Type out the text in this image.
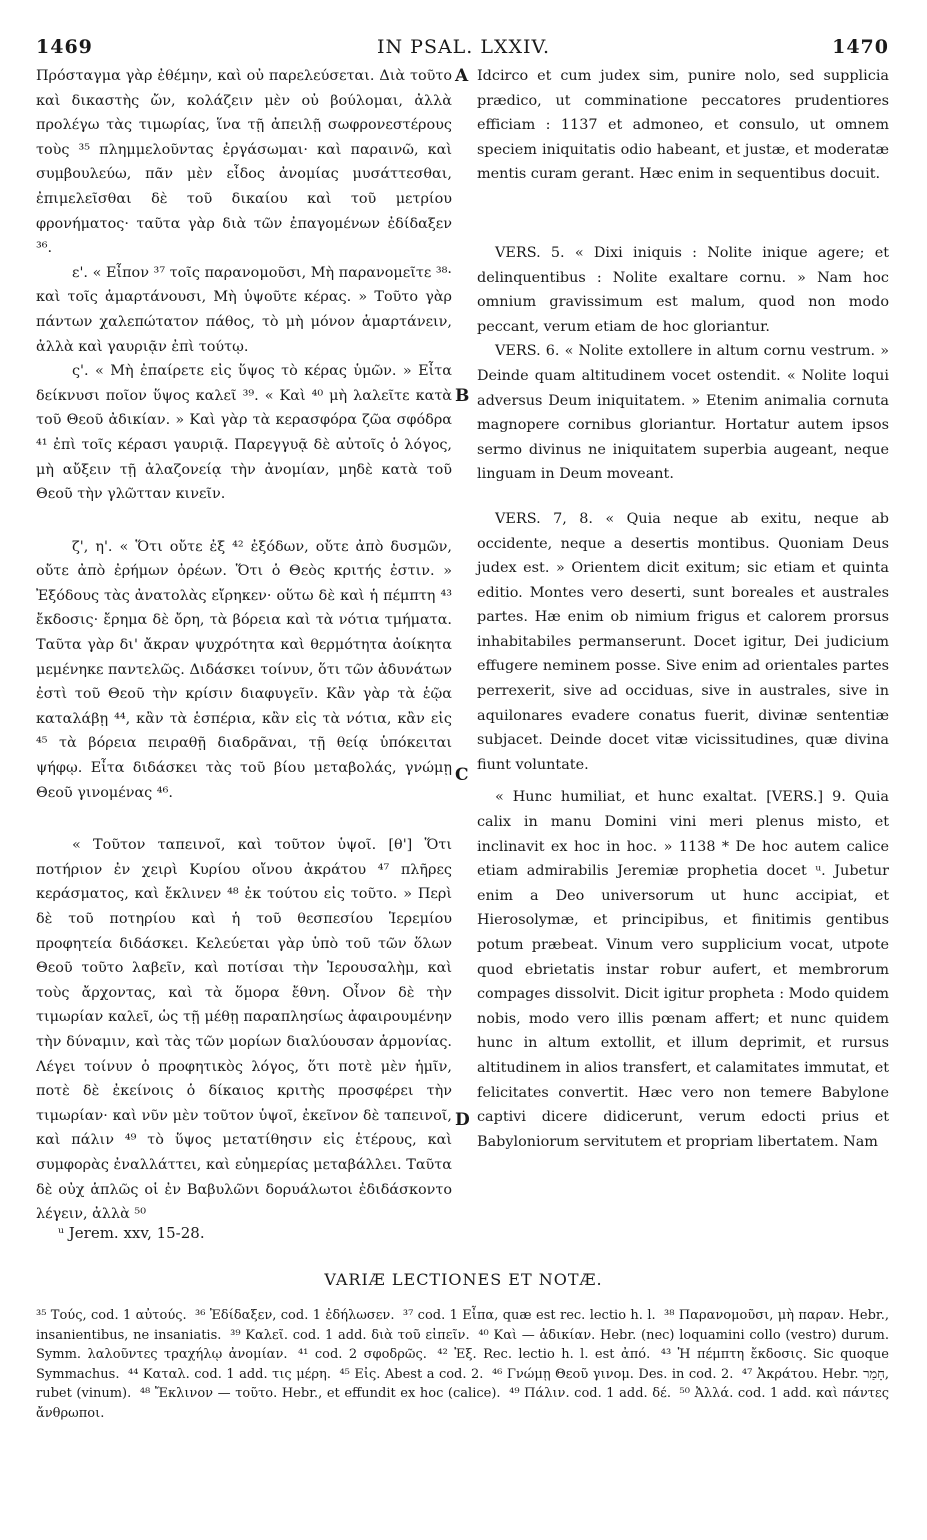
1469	IN PSAL. LXXIV.	1470
A
B
C
D

Πρόσταγμα γὰρ ἐθέμην, καὶ οὐ παρελεύσεται. Διὰ τοῦτο καὶ δικαστὴς ὤν, κολάζειν μὲν οὐ βούλομαι, ἀλλὰ προλέγω τὰς τιμωρίας, ἵνα τῇ ἀπειλῇ σωφρονεστέρους τοὺς ³⁵ πλημμελοῦντας ἐργάσωμαι· καὶ παραινῶ, καὶ συμβουλεύω, πᾶν μὲν εἶδος ἀνομίας μυσάττεσθαι, ἐπιμελεῖσθαι δὲ τοῦ δικαίου καὶ τοῦ μετρίου φρονήματος· ταῦτα γὰρ διὰ τῶν ἐπαγομένων ἐδίδαξεν ³⁶.

ε'. « Εἶπον ³⁷ τοῖς παρανομοῦσι, Μὴ παρανομεῖτε ³⁸· καὶ τοῖς ἁμαρτάνουσι, Μὴ ὑψοῦτε κέρας. » Τοῦτο γὰρ πάντων χαλεπώτατον πάθος, τὸ μὴ μόνον ἁμαρτάνειν, ἀλλὰ καὶ γαυριᾷν ἐπὶ τούτῳ.

ς'. « Μὴ ἐπαίρετε εἰς ὕψος τὸ κέρας ὑμῶν. » Εἶτα δείκνυσι ποῖον ὕψος καλεῖ ³⁹. « Καὶ ⁴⁰ μὴ λαλεῖτε κατὰ τοῦ Θεοῦ ἀδικίαν. » Καὶ γὰρ τὰ κερασφόρα ζῶα σφόδρα ⁴¹ ἐπὶ τοῖς κέρασι γαυριᾷ. Παρεγγυᾷ δὲ αὐτοῖς ὁ λόγος, μὴ αὔξειν τῇ ἀλαζονείᾳ τὴν ἀνομίαν, μηδὲ κατὰ τοῦ Θεοῦ τὴν γλῶτταν κινεῖν.

ζ', η'. « Ὅτι οὔτε ἐξ ⁴² ἐξόδων, οὔτε ἀπὸ δυσμῶν, οὔτε ἀπὸ ἐρήμων ὀρέων. Ὅτι ὁ Θεὸς κριτής ἐστιν. » Ἐξόδους τὰς ἀνατολὰς εἴρηκεν· οὕτω δὲ καὶ ἡ πέμπτη ⁴³ ἔκδοσις· ἔρημα δὲ ὄρη, τὰ βόρεια καὶ τὰ νότια τμήματα. Ταῦτα γὰρ δι' ἄκραν ψυχρότητα καὶ θερμότητα ἀοίκητα μεμένηκε παντελῶς. Διδάσκει τοίνυν, ὅτι τῶν ἀδυνάτων ἐστὶ τοῦ Θεοῦ τὴν κρίσιν διαφυγεῖν. Κἂν γὰρ τὰ ἑῷα καταλάβῃ ⁴⁴, κἂν τὰ ἑσπέρια, κἂν εἰς τὰ νότια, κἂν εἰς ⁴⁵ τὰ βόρεια πειραθῇ διαδρᾶναι, τῇ θείᾳ ὑπόκειται ψήφῳ. Εἶτα διδάσκει τὰς τοῦ βίου μεταβολάς, γνώμῃ Θεοῦ γινομένας ⁴⁶.

« Τοῦτον ταπεινοῖ, καὶ τοῦτον ὑψοῖ. [θ'] Ὅτι ποτήριον ἐν χειρὶ Κυρίου οἴνου ἀκράτου ⁴⁷ πλῆρες κεράσματος, καὶ ἔκλινεν ⁴⁸ ἐκ τούτου εἰς τοῦτο. » Περὶ δὲ τοῦ ποτηρίου καὶ ἡ τοῦ θεσπεσίου Ἱερεμίου προφητεία διδάσκει. Κελεύεται γὰρ ὑπὸ τοῦ τῶν ὅλων Θεοῦ τοῦτο λαβεῖν, καὶ ποτίσαι τὴν Ἱερουσαλὴμ, καὶ τοὺς ἄρχοντας, καὶ τὰ ὅμορα ἔθνη. Οἶνον δὲ τὴν τιμωρίαν καλεῖ, ὡς τῇ μέθῃ παραπλησίως ἀφαιρουμένην τὴν δύναμιν, καὶ τὰς τῶν μορίων διαλύουσαν ἁρμονίας. Λέγει τοίνυν ὁ προφητικὸς λόγος, ὅτι ποτὲ μὲν ἡμῖν, ποτὲ δὲ ἐκείνοις ὁ δίκαιος κριτὴς προσφέρει τὴν τιμωρίαν· καὶ νῦν μὲν τοῦτον ὑψοῖ, ἐκεῖνον δὲ ταπεινοῖ, καὶ πάλιν ⁴⁹ τὸ ὕψος μετατίθησιν εἰς ἑτέρους, καὶ συμφορὰς ἐναλλάττει, καὶ εὐημερίας μεταβάλλει. Ταῦτα δὲ οὐχ ἁπλῶς οἱ ἐν Βαβυλῶνι δορυάλωτοι ἐδιδάσκοντο λέγειν, ἀλλὰ ⁵⁰

Idcirco et cum judex sim, punire nolo, sed supplicia prædico, ut comminatione peccatores prudentiores efficiam : 1137 et admoneo, et consulo, ut omnem speciem iniquitatis odio habeant, et justæ, et moderatæ mentis curam gerant. Hæc enim in sequentibus docuit.

VERS. 5. « Dixi iniquis : Nolite inique agere; et delinquentibus : Nolite exaltare cornu. » Nam hoc omnium gravissimum est malum, quod non modo peccant, verum etiam de hoc gloriantur.

VERS. 6. « Nolite extollere in altum cornu vestrum. » Deinde quam altitudinem vocet ostendit. « Nolite loqui adversus Deum iniquitatem. » Etenim animalia cornuta magnopere cornibus gloriantur. Hortatur autem ipsos sermo divinus ne iniquitatem superbia augeant, neque linguam in Deum moveant.

VERS. 7, 8. « Quia neque ab exitu, neque ab occidente, neque a desertis montibus. Quoniam Deus judex est. » Orientem dicit exitum; sic etiam et quinta editio. Montes vero deserti, sunt boreales et australes partes. Hæ enim ob nimium frigus et calorem prorsus inhabitabiles permanserunt. Docet igitur, Dei judicium effugere neminem posse. Sive enim ad orientales partes perrexerit, sive ad occiduas, sive in australes, sive in aquilonares evadere conatus fuerit, divinæ sententiæ subjacet. Deinde docet vitæ vicissitudines, quæ divina fiunt voluntate.

« Hunc humiliat, et hunc exaltat. [VERS.] 9. Quia calix in manu Domini vini meri plenus misto, et inclinavit ex hoc in hoc. » 1138 * De hoc autem calice etiam admirabilis Jeremiæ prophetia docet ᵘ. Jubetur enim a Deo universorum ut hunc accipiat, et Hierosolymæ, et principibus, et finitimis gentibus potum præbeat. Vinum vero supplicium vocat, utpote quod ebrietatis instar robur aufert, et membrorum compages dissolvit. Dicit igitur propheta : Modo quidem nobis, modo vero illis pœnam affert; et nunc quidem hunc in altum extollit, et illum deprimit, et rursus altitudinem in alios transfert, et calamitates immutat, et felicitates convertit. Hæc vero non temere Babylone captivi dicere didicerunt, verum edocti prius et Babyloniorum servitutem et propriam libertatem. Nam

ᵘ Jerem. xxv, 15-28.
VARIÆ LECTIONES ET NOTÆ.
³⁵ Τούς, cod. 1 αὐτούς. ³⁶ Ἐδίδαξεν, cod. 1 ἐδήλωσεν. ³⁷ cod. 1 Εἶπα, quæ est rec. lectio h. l. ³⁸ Παρανομοῦσι, μὴ παραν. Hebr., insanientibus, ne insaniatis. ³⁹ Καλεῖ. cod. 1 add. διὰ τοῦ εἰπεῖν. ⁴⁰ Καὶ — ἀδικίαν. Hebr. (nec) loquamini collo (vestro) durum. Symm. λαλοῦντες τραχήλῳ ἀνομίαν. ⁴¹ cod. 2 σφοδρῶς. ⁴² Ἐξ. Rec. lectio h. l. est ἀπό. ⁴³ Ἡ πέμπτη ἔκδοσις. Sic quoque Symmachus. ⁴⁴ Καταλ. cod. 1 add. τις μέρη. ⁴⁵ Εἰς. Abest a cod. 2. ⁴⁶ Γνώμῃ Θεοῦ γινομ. Des. in cod. 2. ⁴⁷ Ἀκράτου. Hebr. חָמַר, rubet (vinum). ⁴⁸ Ἔκλινον — τοῦτο. Hebr., et effundit ex hoc (calice). ⁴⁹ Πάλιν. cod. 1 add. δέ. ⁵⁰ Ἀλλά. cod. 1 add. καὶ πάντες ἄνθρωποι.
